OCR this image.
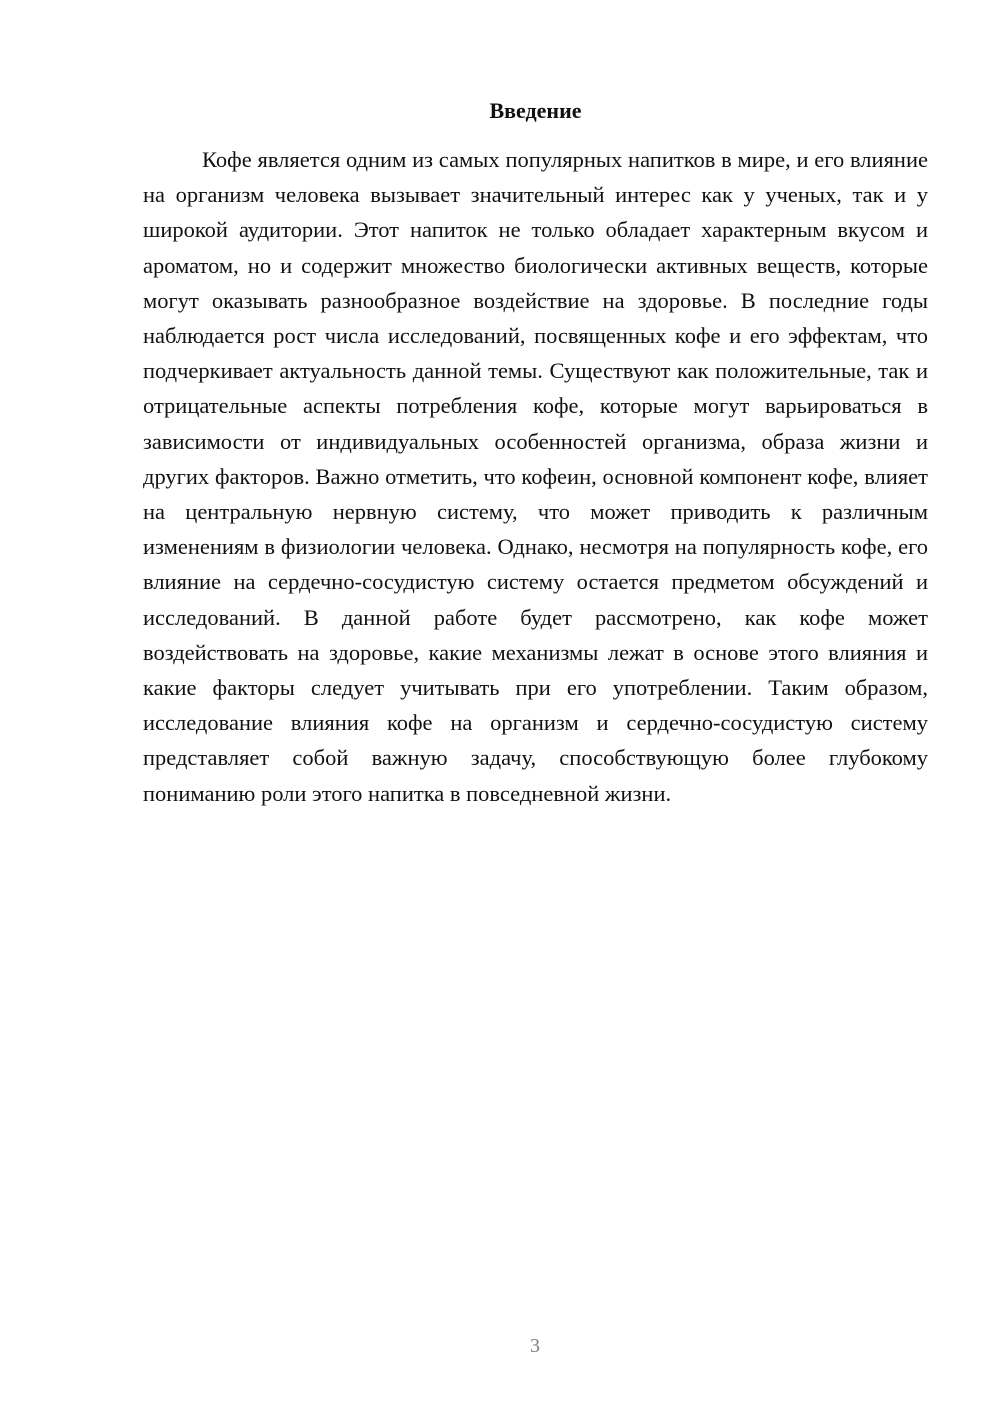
Введение

Кофе является одним из самых популярных напитков в мире, и его влияние на организм человека вызывает значительный интерес как у ученых, так и у широкой аудитории. Этот напиток не только обладает характерным вкусом и ароматом, но и содержит множество биологически активных веществ, которые могут оказывать разнообразное воздействие на здоровье. В последние годы наблюдается рост числа исследований, посвященных кофе и его эффектам, что подчеркивает актуальность данной темы. Существуют как положительные, так и отрицательные аспекты потребления кофе, которые могут варьироваться в зависимости от индивидуальных особенностей организма, образа жизни и других факторов. Важно отметить, что кофеин, основной компонент кофе, влияет на центральную нервную систему, что может приводить к различным изменениям в физиологии человека. Однако, несмотря на популярность кофе, его влияние на сердечно-сосудистую систему остается предметом обсуждений и исследований. В данной работе будет рассмотрено, как кофе может воздействовать на здоровье, какие механизмы лежат в основе этого влияния и какие факторы следует учитывать при его употреблении. Таким образом, исследование влияния кофе на организм и сердечно-сосудистую систему представляет собой важную задачу, способствующую более глубокому пониманию роли этого напитка в повседневной жизни.

3
